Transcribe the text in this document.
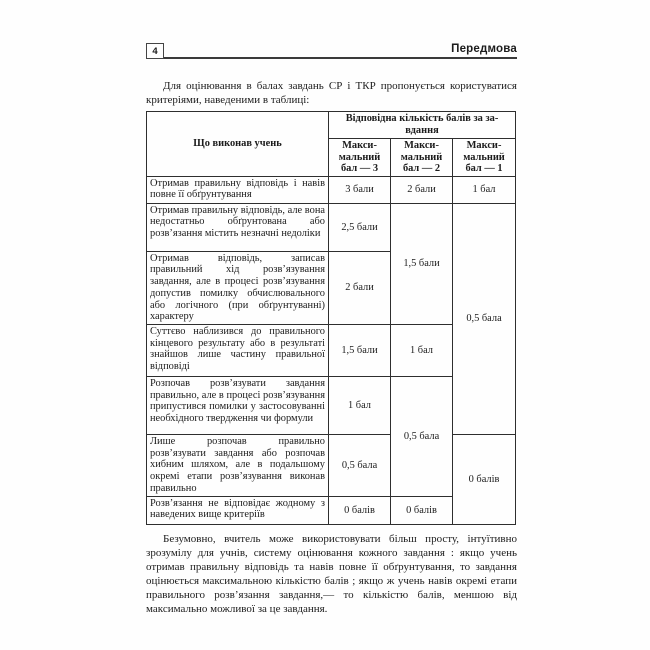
4	Передмова

Для оцінювання в балах завдань СР і ТКР пропонується користуватися критеріями, наведеними в таблиці:

Що виконав учень	Відповідна кількість балів за завдання		
	Максимальний бал — 3	Максимальний бал — 2	Максимальний бал — 1
Отримав правильну відповідь і навів повне її обґрунтування	3 бали	2 бали	1 бал
Отримав правильну відповідь, але вона недостатньо обґрунтована або розв’язання містить незначні недоліки	2,5 бали	1,5 бали	0,5 бала
Отримав відповідь, записав правильний хід розв’язування завдання, але в процесі розв’язування допустив помилку обчислювального або логічного (при обґрунтуванні) характеру	2 бали		
Суттєво наблизився до правильного кінцевого результату або в результаті знайшов лише частину правильної відповіді	1,5 бали	1 бал	
Розпочав розв’язувати завдання правильно, але в процесі розв’язування припустився помилки у застосовуванні необхідного твердження чи формули	1 бал	0,5 бала	
Лише розпочав правильно розв’язувати завдання або розпочав хибним шляхом, але в подальшому окремі етапи розв’язування виконав правильно	0,5 бала		0 балів
Розв’язання не відповідає жодному з наведених вище критеріїв	0 балів	0 балів	

Безумовно, вчитель може використовувати більш просту, інтуїтивно зрозумілу для учнів, систему оцінювання кожного завдання : якщо учень отримав правильну відповідь та навів повне її обґрунтування, то завдання оцінюється максимальною кількістю балів ; якщо ж учень навів окремі етапи правильного розв’язання завдання,— то кількістю балів, меншою від максимально можливої за це завдання.
